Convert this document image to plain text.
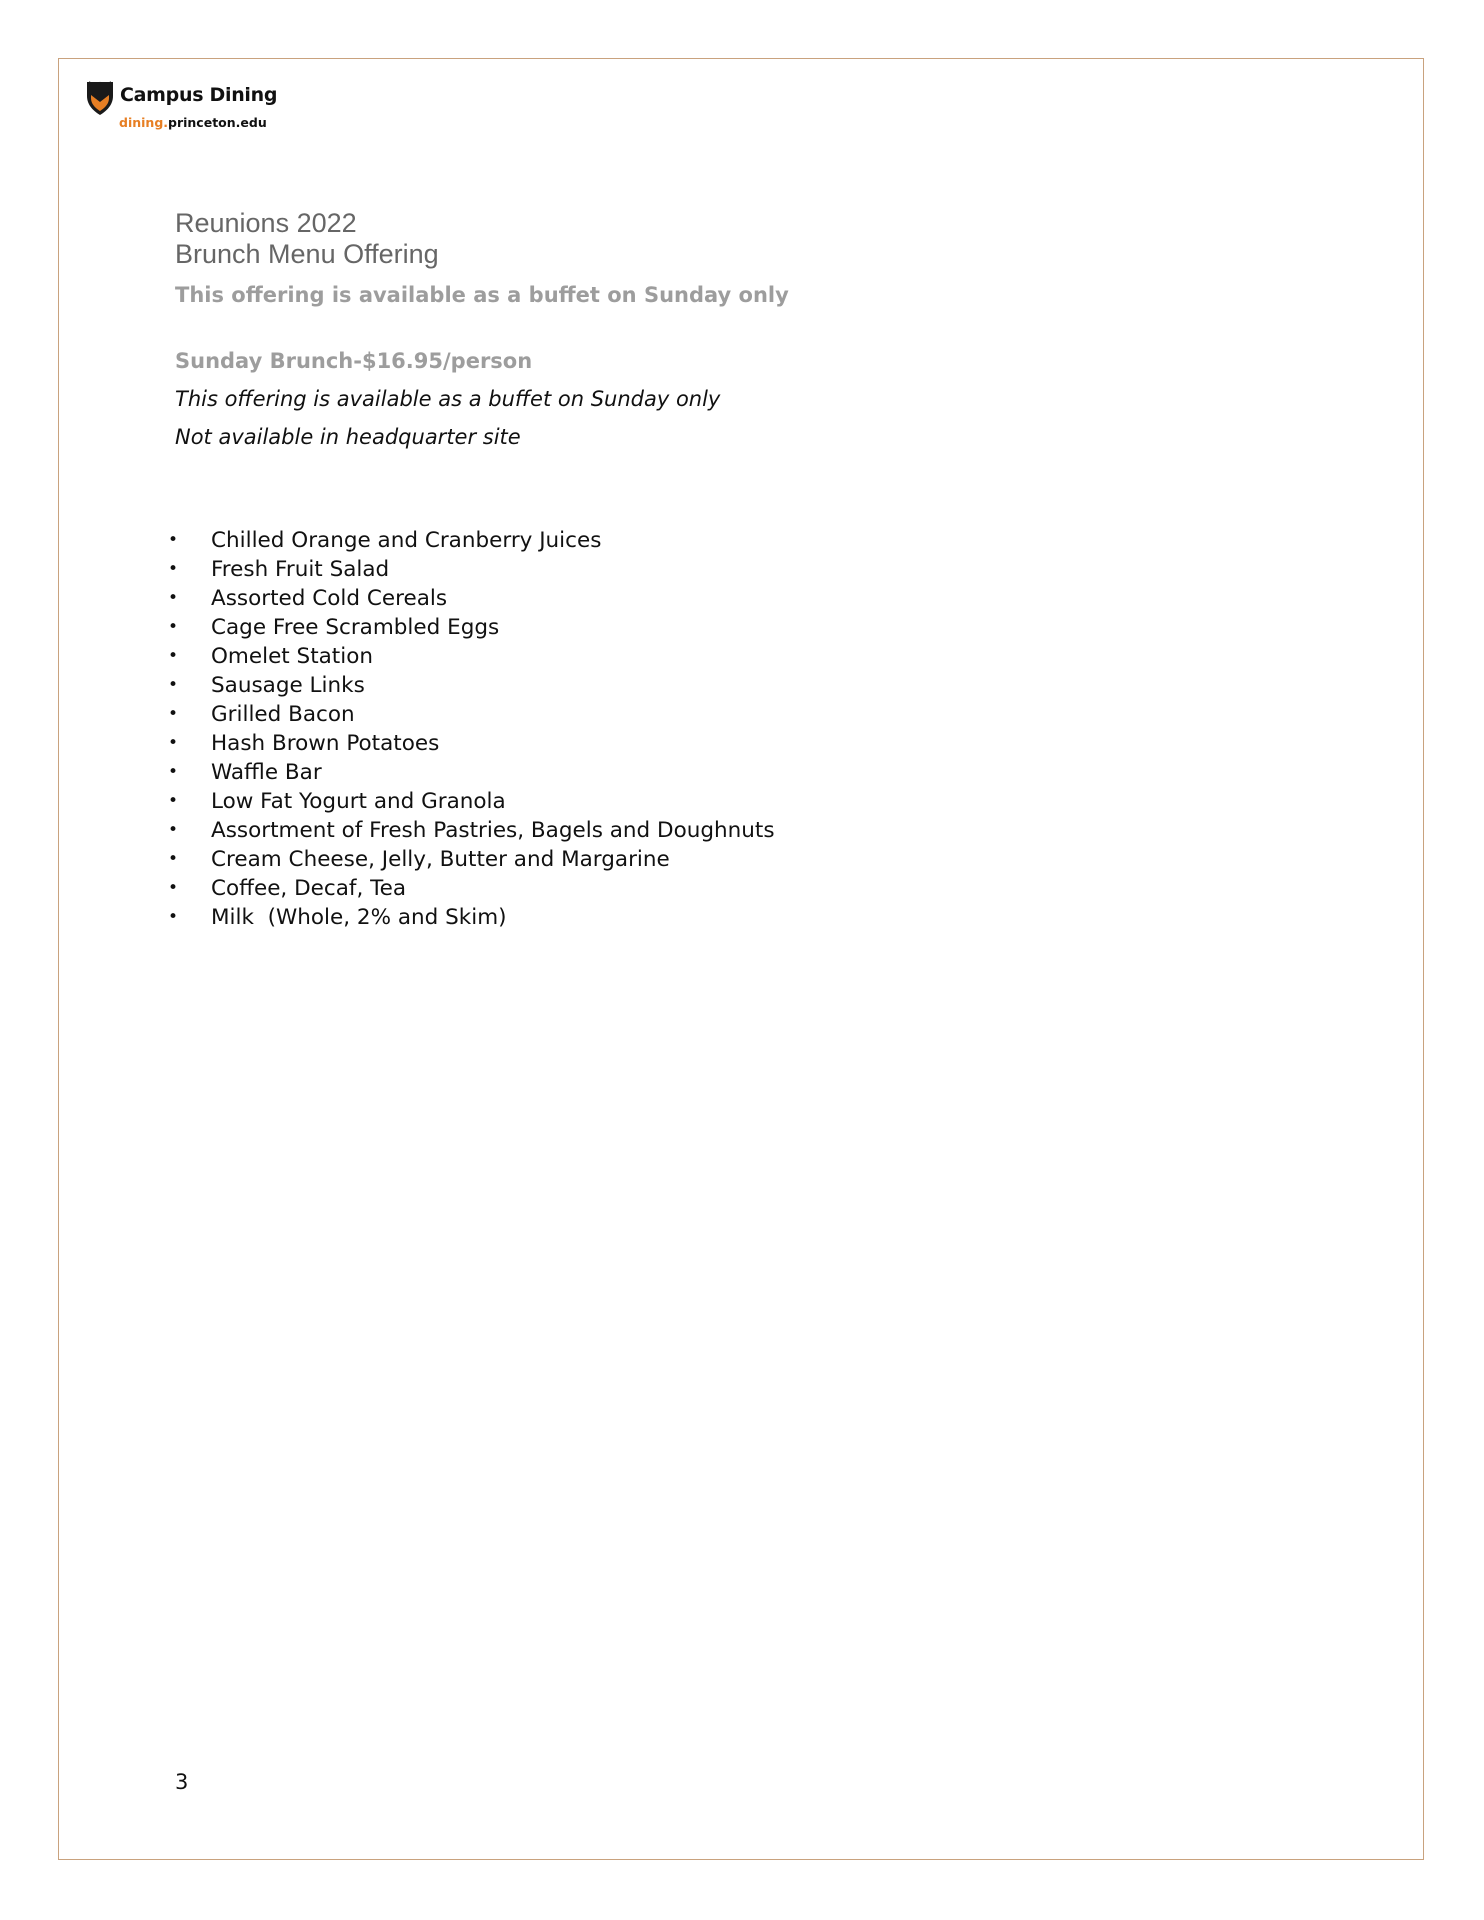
Campus Dining
dining.princeton.edu
Reunions 2022
Brunch Menu Offering
This offering is available as a buffet on Sunday only
Sunday Brunch-$16.95/person
This offering is available as a buffet on Sunday only
Not available in headquarter site
• Chilled Orange and Cranberry Juices
• Fresh Fruit Salad
• Assorted Cold Cereals
• Cage Free Scrambled Eggs
• Omelet Station
• Sausage Links
• Grilled Bacon
• Hash Brown Potatoes
• Waffle Bar
• Low Fat Yogurt and Granola
• Assortment of Fresh Pastries, Bagels and Doughnuts
• Cream Cheese, Jelly, Butter and Margarine
• Coffee, Decaf, Tea
• Milk  (Whole, 2% and Skim)
3
